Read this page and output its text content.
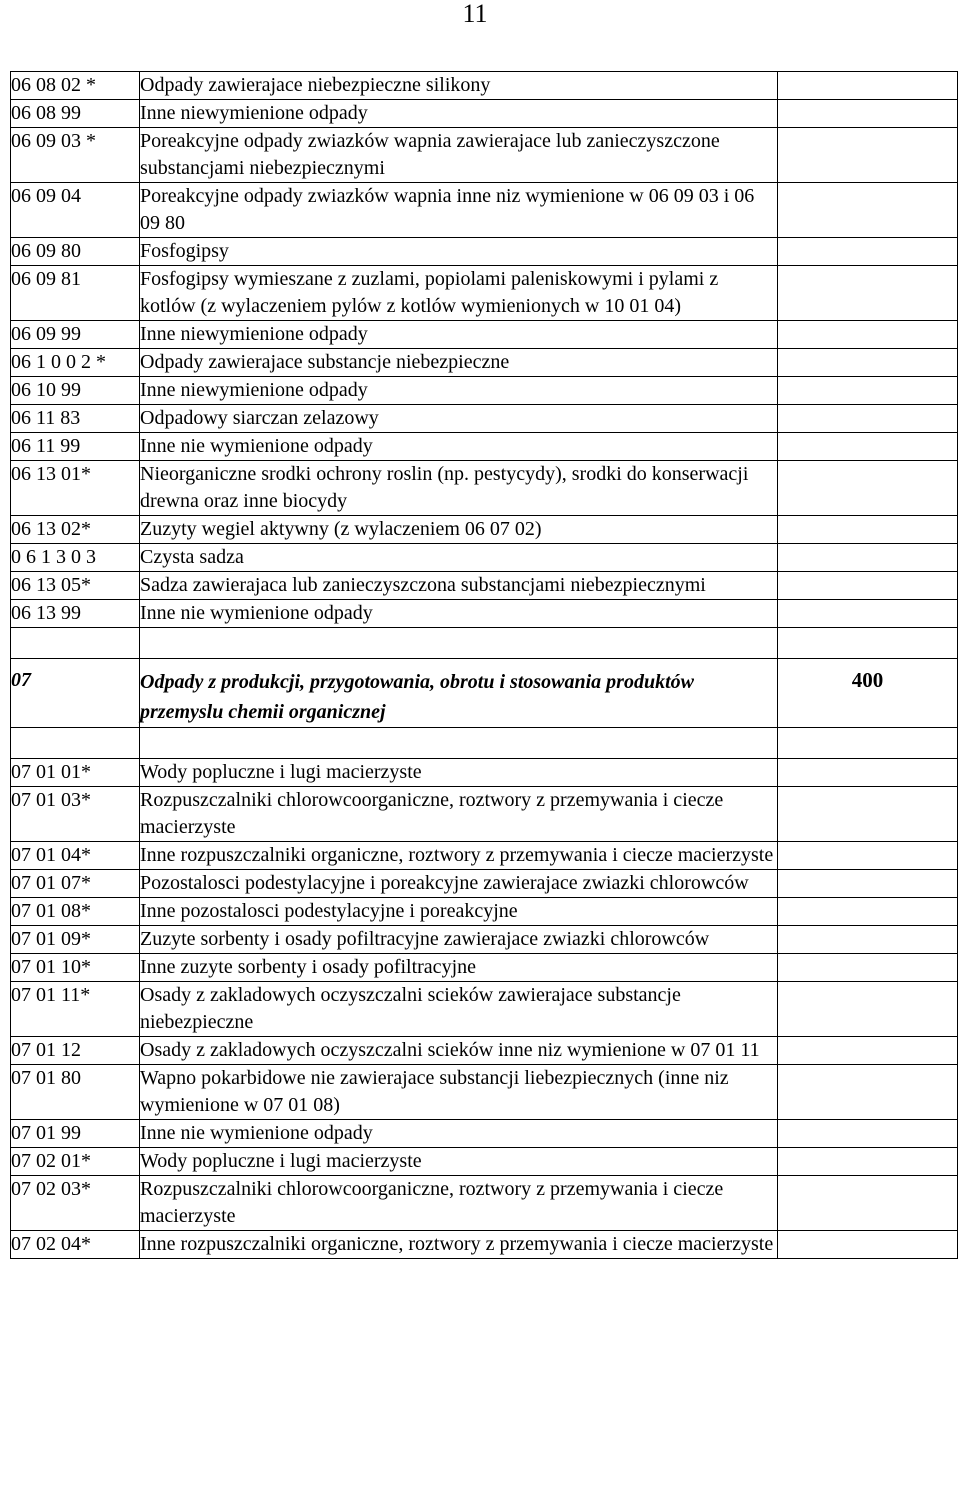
11
06 08 02 *	Odpady zawierajace niebezpieczne silikony	
06 08 99	Inne niewymienione odpady	
06 09 03 *	Poreakcyjne odpady zwiazków wapnia zawierajace lub zanieczyszczone substancjami niebezpiecznymi	
06 09 04	Poreakcyjne odpady zwiazków wapnia inne niz wymienione w 06 09 03 i 06 09 80	
06 09 80	Fosfogipsy	
06 09 81	Fosfogipsy wymieszane z zuzlami, popiolami paleniskowymi i pylami z kotlów (z wylaczeniem pylów z kotlów wymienionych w 10 01 04)	
06 09 99	Inne niewymienione odpady	
06 1 0 0 2 *	Odpady zawierajace substancje niebezpieczne	
06 10 99	Inne niewymienione odpady	
06 11 83	Odpadowy siarczan zelazowy	
06 11 99	Inne nie wymienione odpady	
06 13 01*	Nieorganiczne srodki ochrony roslin (np. pestycydy), srodki do konserwacji drewna oraz inne biocydy	
06 13 02*	Zuzyty wegiel aktywny (z wylaczeniem 06 07 02)	
0 6 1 3 0 3	Czysta sadza	
06 13 05*	Sadza zawierajaca lub zanieczyszczona substancjami niebezpiecznymi	
06 13 99	Inne nie wymienione odpady	

07	Odpady z produkcji, przygotowania, obrotu i stosowania produktów przemyslu chemii organicznej	400

07 01 01*	Wody popluczne i lugi macierzyste	
07 01 03*	Rozpuszczalniki chlorowcoorganiczne, roztwory z przemywania i ciecze macierzyste	
07 01 04*	Inne rozpuszczalniki organiczne, roztwory z przemywania i ciecze macierzyste	
07 01 07*	Pozostalosci podestylacyjne i poreakcyjne zawierajace zwiazki chlorowców	
07 01 08*	Inne pozostalosci podestylacyjne i poreakcyjne	
07 01 09*	Zuzyte sorbenty i osady pofiltracyjne zawierajace zwiazki chlorowców	
07 01 10*	Inne zuzyte sorbenty i osady pofiltracyjne	
07 01 11*	Osady z zakladowych oczyszczalni scieków zawierajace substancje niebezpieczne	
07 01 12	Osady z zakladowych oczyszczalni scieków inne niz wymienione w 07 01 11	
07 01 80	Wapno pokarbidowe nie zawierajace substancji liebezpiecznych (inne niz wymienione w 07 01 08)	
07 01 99	Inne nie wymienione odpady	
07 02 01*	Wody popluczne i lugi macierzyste	
07 02 03*	Rozpuszczalniki chlorowcoorganiczne, roztwory z przemywania i ciecze macierzyste	
07 02 04*	Inne rozpuszczalniki organiczne, roztwory z przemywania i ciecze macierzyste	
